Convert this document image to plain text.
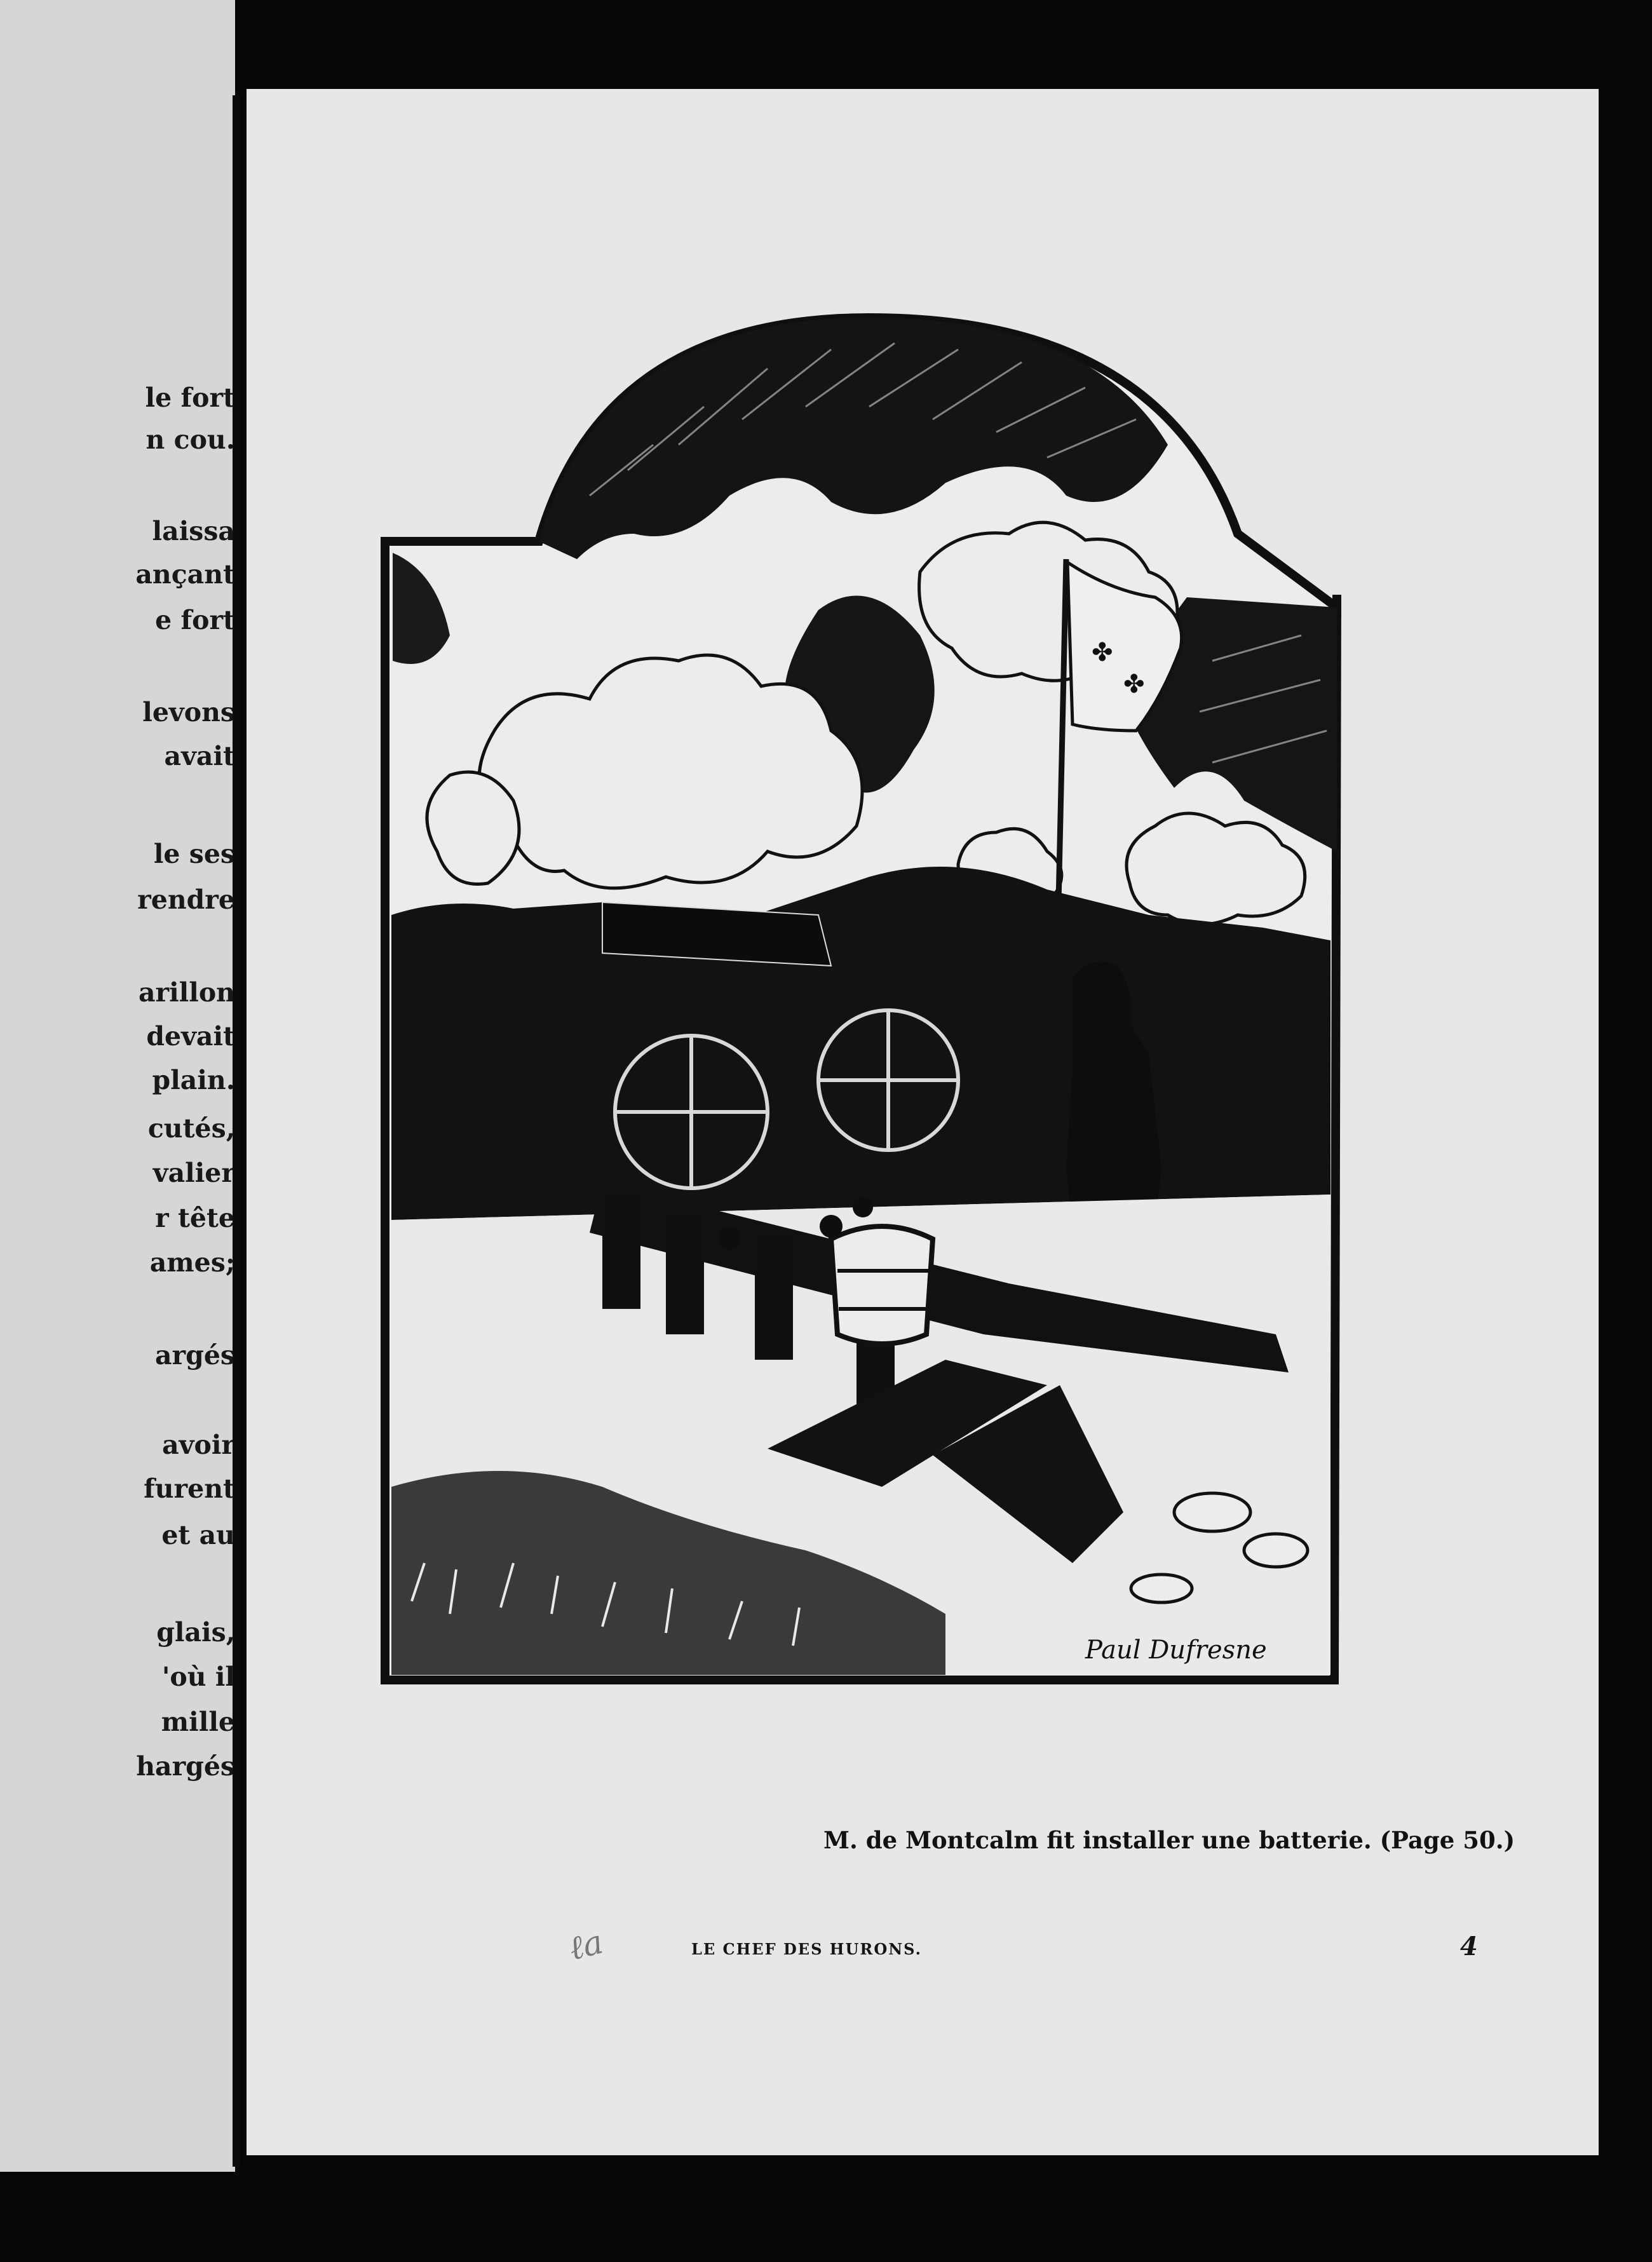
le fort

n cou.

laissa

ançant

e fort

levons

avait

le ses

rendre

arillon

devait

plain.

cutés,

valier

r tête

ames;

argés

avoir

furent

et au

glais,

'où il

mille

hargés

✤
✤
Paul Dufresne

M. de Montcalm fit installer une batterie. (Page 50.)

ℓa	LE CHEF DES HURONS.	4
